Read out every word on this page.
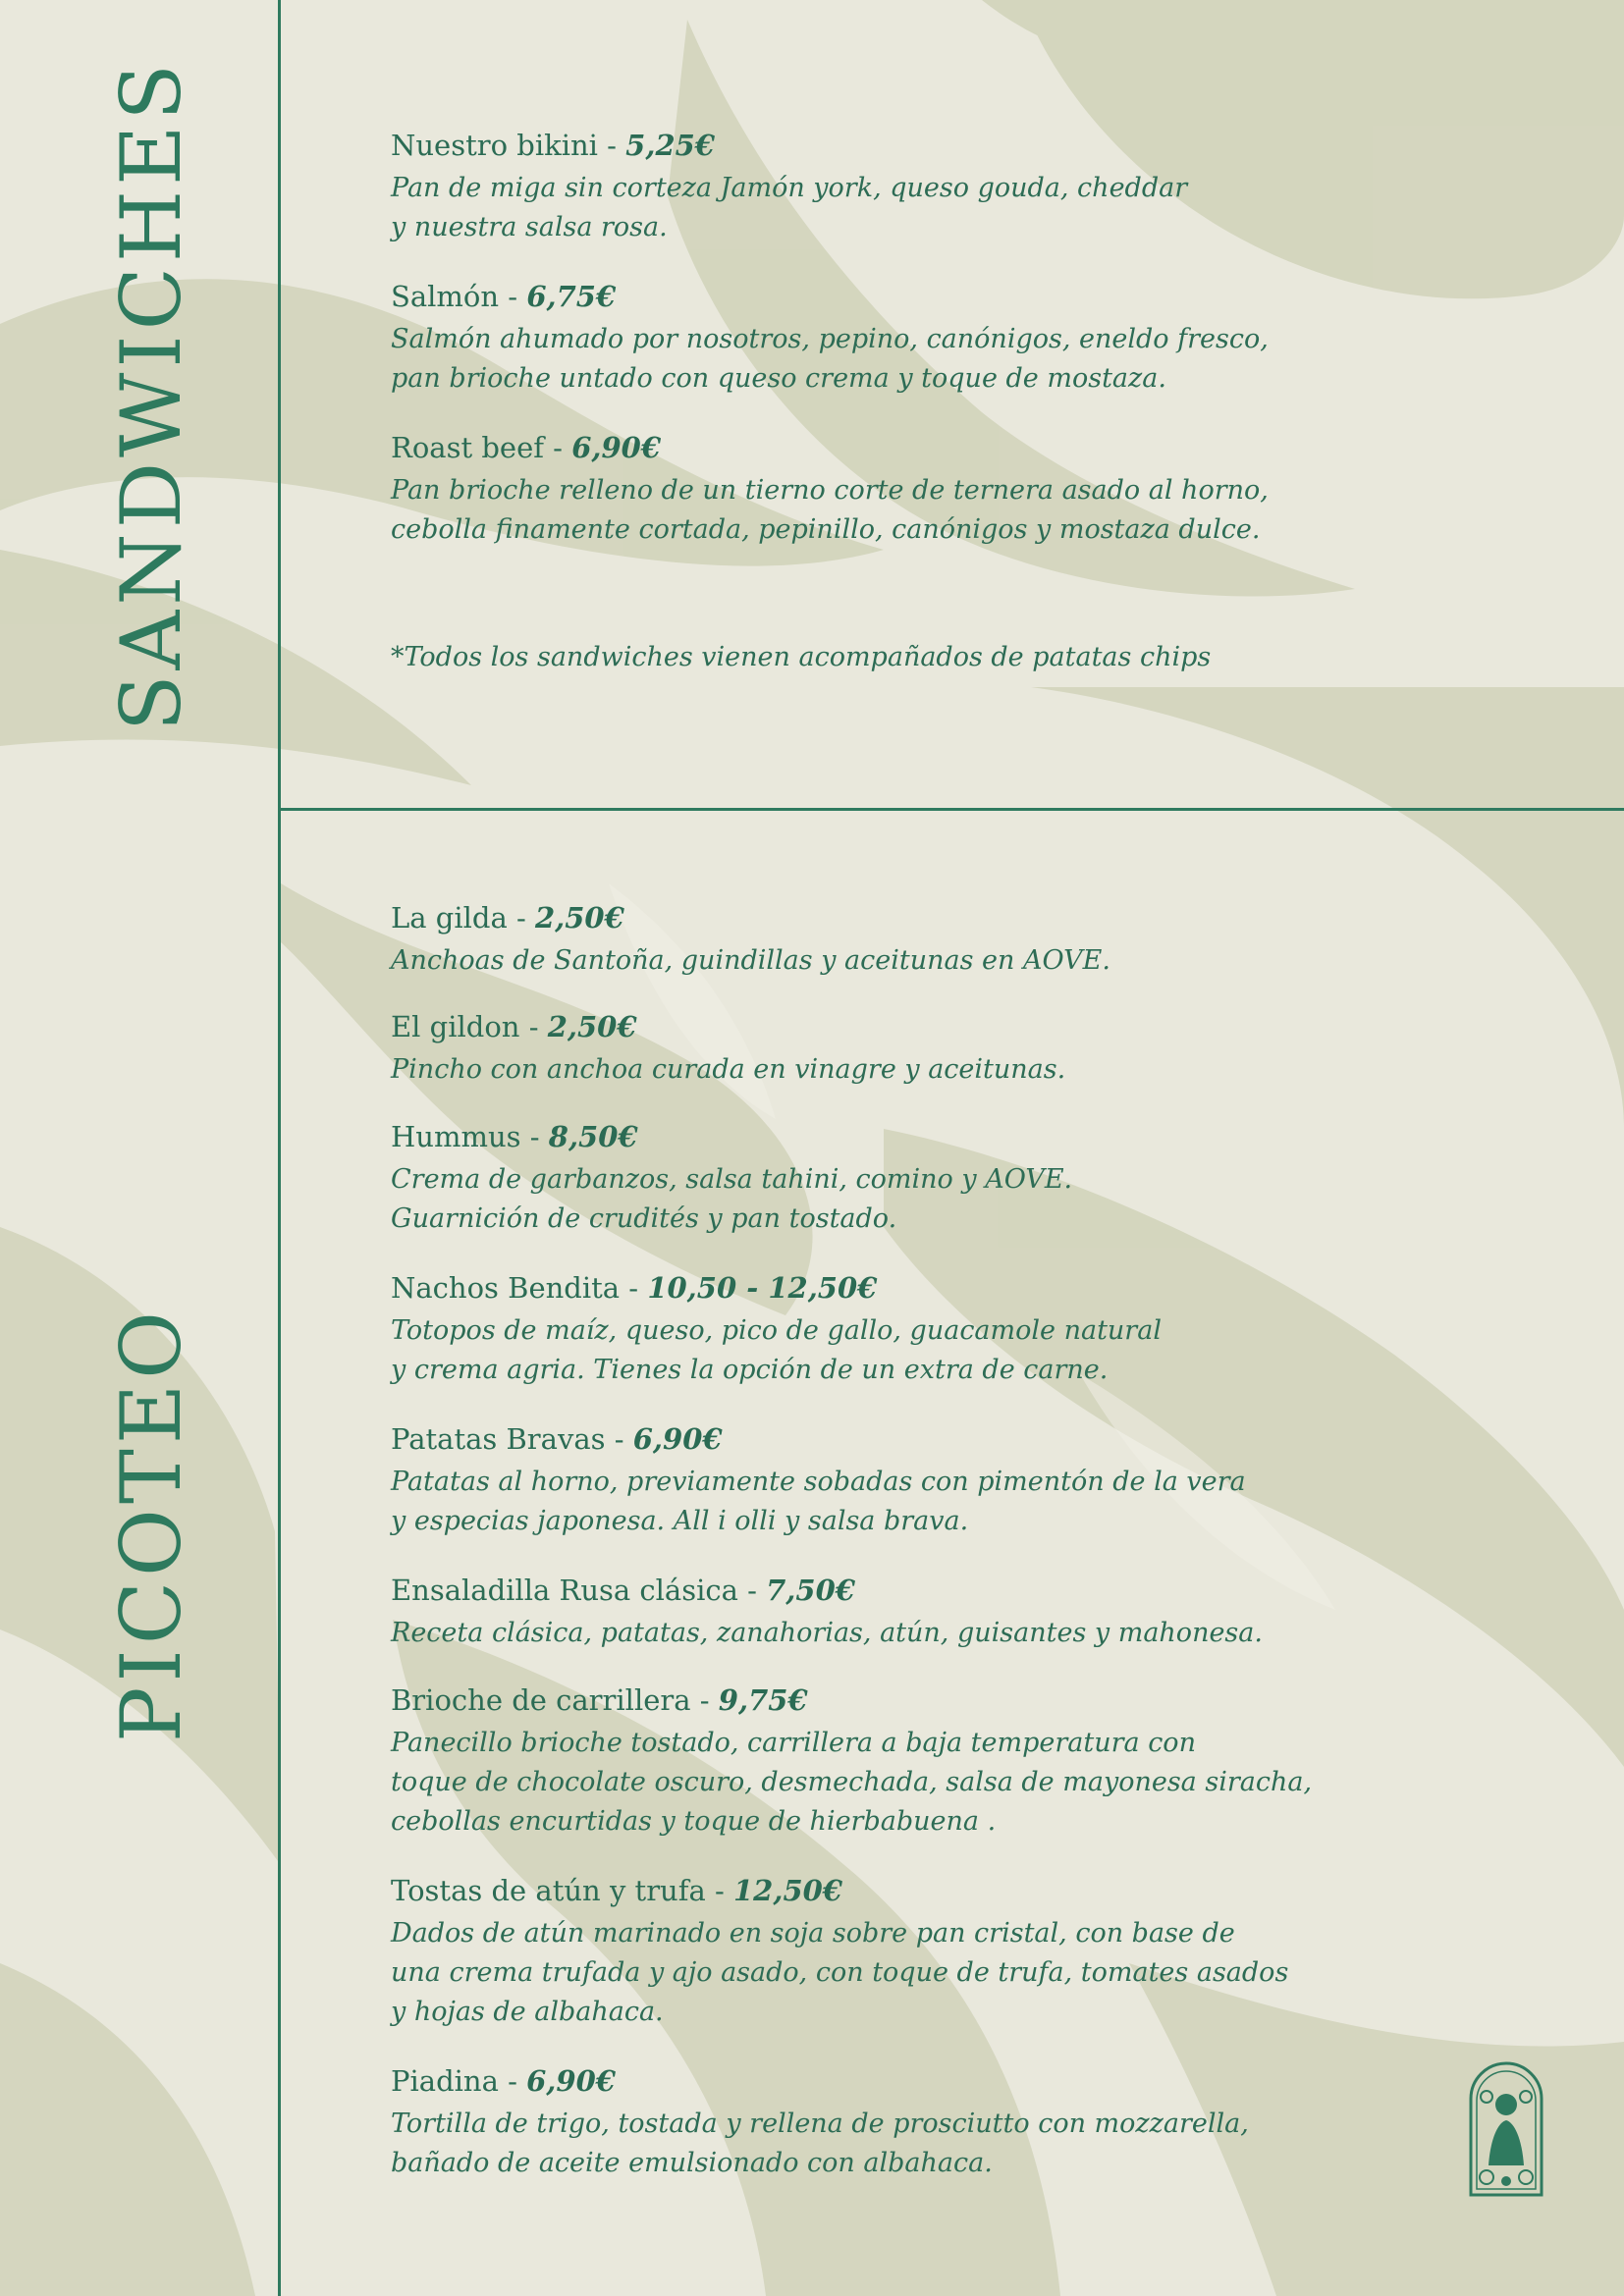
SANDWICHES
PICOTEO
Nuestro bikini - 5,25€
Pan de miga sin corteza Jamón york, queso gouda, cheddar
y nuestra salsa rosa.
Salmón - 6,75€
Salmón ahumado por nosotros, pepino, canónigos, eneldo fresco,
pan brioche untado con queso crema y toque de mostaza.
Roast beef - 6,90€
Pan brioche relleno de un tierno corte de ternera asado al horno,
cebolla finamente cortada, pepinillo, canónigos y mostaza dulce.
*Todos los sandwiches vienen acompañados de patatas chips
La gilda - 2,50€
Anchoas de Santoña, guindillas y aceitunas en AOVE.
El gildon - 2,50€
Pincho con anchoa curada en vinagre y aceitunas.
Hummus - 8,50€
Crema de garbanzos, salsa tahini, comino y AOVE.
Guarnición de crudités y pan tostado.
Nachos Bendita - 10,50 - 12,50€
Totopos de maíz, queso, pico de gallo, guacamole natural
y crema agria. Tienes la opción de un extra de carne.
Patatas Bravas - 6,90€
Patatas al horno, previamente sobadas con pimentón de la vera
y especias japonesa. All i olli y salsa brava.
Ensaladilla Rusa clásica - 7,50€
Receta clásica, patatas, zanahorias, atún, guisantes y mahonesa.
Brioche de carrillera - 9,75€
Panecillo brioche tostado, carrillera a baja temperatura con
toque de chocolate oscuro, desmechada, salsa de mayonesa siracha,
cebollas encurtidas y toque de hierbabuena .
Tostas de atún y trufa - 12,50€
Dados de atún marinado en soja sobre pan cristal, con base de
una crema trufada y ajo asado, con toque de trufa, tomates asados
y hojas de albahaca.
Piadina - 6,90€
Tortilla de trigo, tostada y rellena de prosciutto con mozzarella,
bañado de aceite emulsionado con albahaca.
